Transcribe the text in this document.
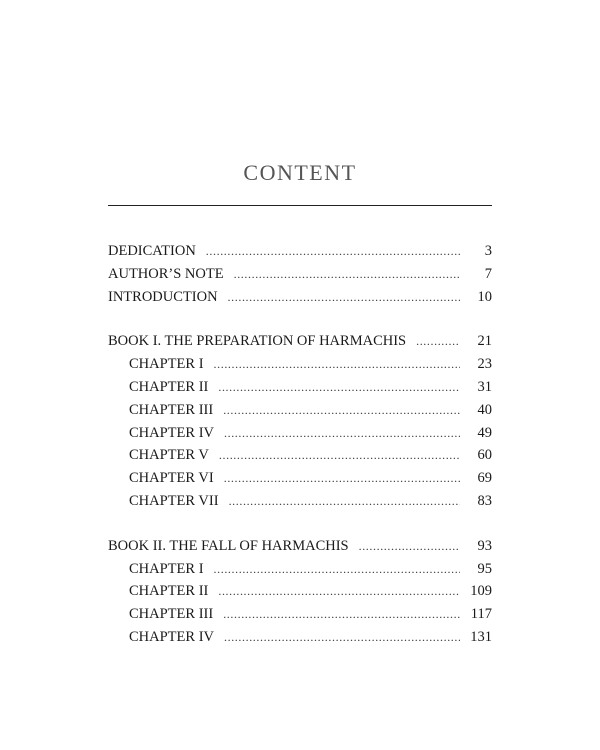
CONTENT
DEDICATION . . .	3
AUTHOR’S NOTE . . .	7
INTRODUCTION . . .	10
BOOK I. THE PREPARATION OF HARMACHIS . . .	21
CHAPTER I . . .	23
CHAPTER II . . .	31
CHAPTER III . . .	40
CHAPTER IV . . .	49
CHAPTER V . . .	60
CHAPTER VI . . .	69
CHAPTER VII . . .	83
BOOK II. THE FALL OF HARMACHIS . . .	93
CHAPTER I . . .	95
CHAPTER II . . .	109
CHAPTER III . . .	117
CHAPTER IV . . .	131
